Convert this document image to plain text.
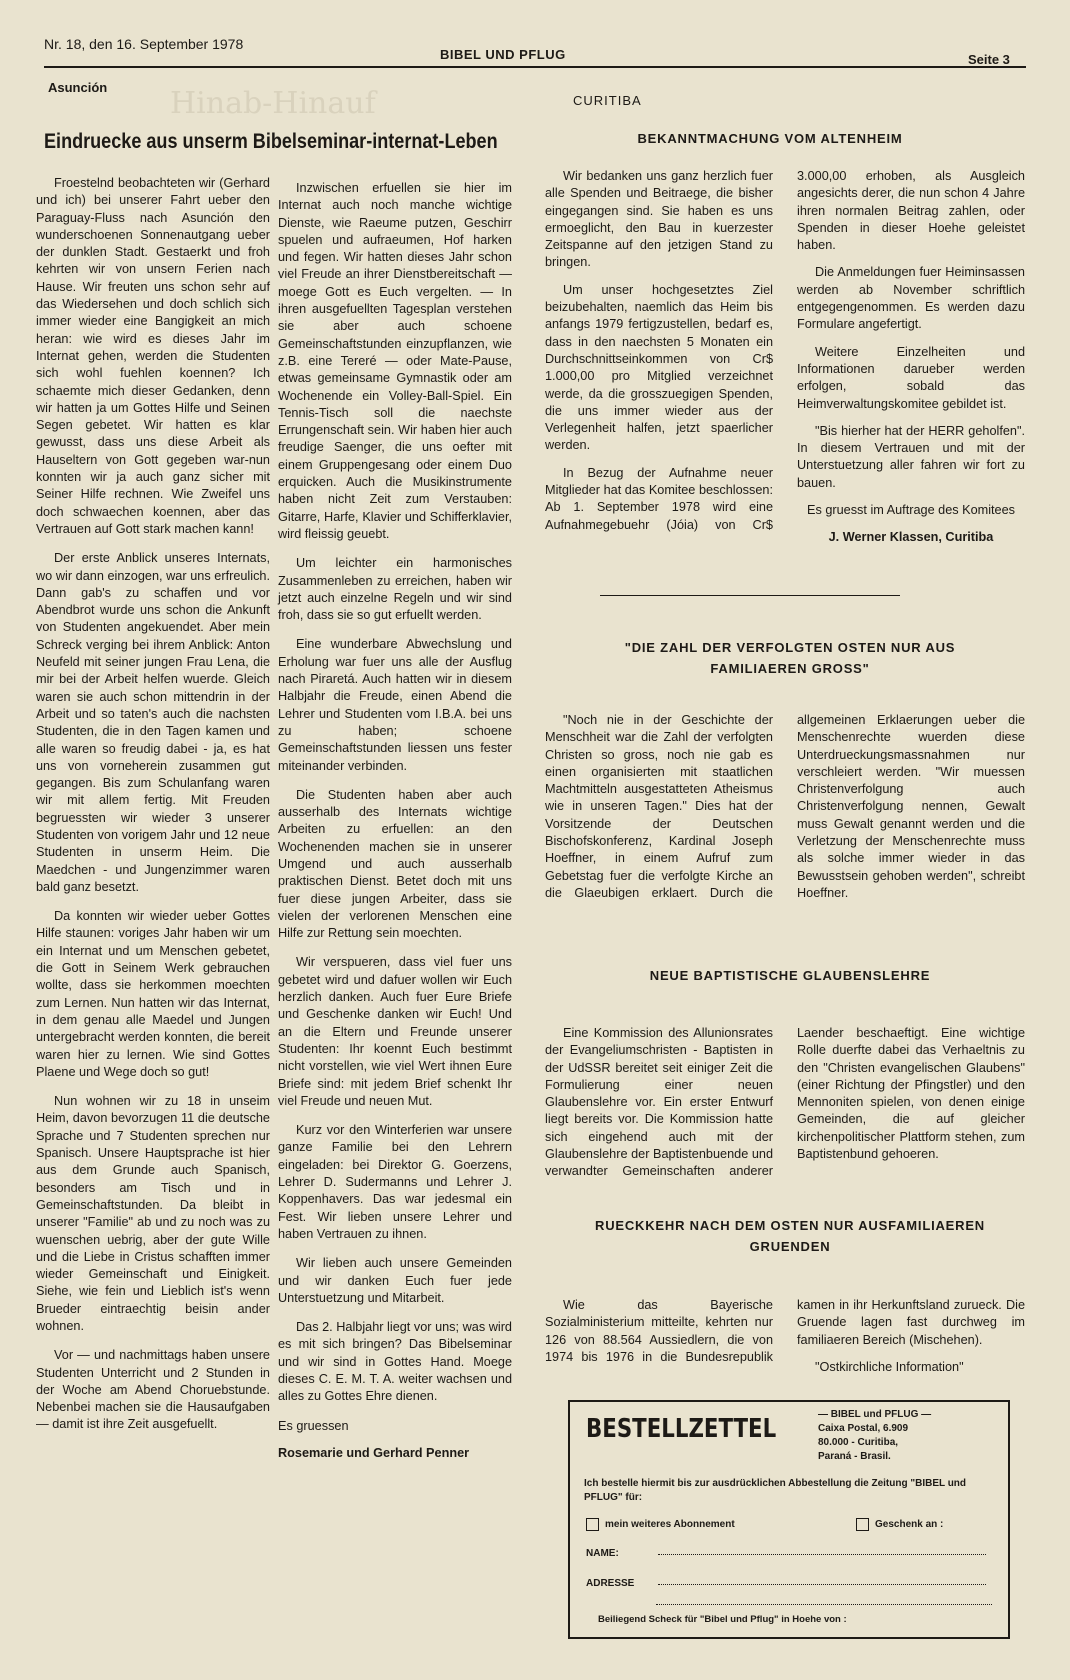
Nr. 18, den 16. September 1978
BIBEL UND PFLUG	Seite 3
Hinab-Hinauf
Asunción
Eindruecke aus unserm Bibelseminar-internat-Leben

Froestelnd beobachteten wir (Gerhard und ich) bei unserer Fahrt ueber den Paraguay-Fluss nach Asunción den wunderschoenen Sonnenautgang ueber der dunklen Stadt. Gestaerkt und froh kehrten wir von unsern Ferien nach Hause. Wir freuten uns schon sehr auf das Wiedersehen und doch schlich sich immer wieder eine Bangigkeit an mich heran: wie wird es dieses Jahr im Internat gehen, werden die Studenten sich wohl fuehlen koennen? Ich schaemte mich dieser Gedanken, denn wir hatten ja um Gottes Hilfe und Seinen Segen gebetet. Wir hatten es klar gewusst, dass uns diese Arbeit als Hauseltern von Gott gegeben war-nun konnten wir ja auch ganz sicher mit Seiner Hilfe rechnen. Wie Zweifel uns doch schwaechen koennen, aber das Vertrauen auf Gott stark machen kann!

Der erste Anblick unseres Internats, wo wir dann einzogen, war uns erfreulich. Dann gab's zu schaffen und vor Abendbrot wurde uns schon die Ankunft von Studenten angekuendet. Aber mein Schreck verging bei ihrem Anblick: Anton Neufeld mit seiner jungen Frau Lena, die mir bei der Arbeit helfen wuerde. Gleich waren sie auch schon mittendrin in der Arbeit und so taten's auch die nachsten Studenten, die in den Tagen kamen und alle waren so freudig dabei - ja, es hat uns von vorneherein zusammen gut gegangen. Bis zum Schulanfang waren wir mit allem fertig. Mit Freuden begruessten wir wieder 3 unserer Studenten von vorigem Jahr und 12 neue Studenten in unserm Heim. Die Maedchen - und Jungenzimmer waren bald ganz besetzt.

Da konnten wir wieder ueber Gottes Hilfe staunen: voriges Jahr haben wir um ein Internat und um Menschen gebetet, die Gott in Seinem Werk gebrauchen wollte, dass sie herkommen moechten zum Lernen. Nun hatten wir das Internat, in dem genau alle Maedel und Jungen untergebracht werden konnten, die bereit waren hier zu lernen. Wie sind Gottes Plaene und Wege doch so gut!

Nun wohnen wir zu 18 in unseim Heim, davon bevorzugen 11 die deutsche Sprache und 7 Studenten sprechen nur Spanisch. Unsere Hauptsprache ist hier aus dem Grunde auch Spanisch, besonders am Tisch und in Gemeinschaftstunden. Da bleibt in unserer "Familie" ab und zu noch was zu wuenschen uebrig, aber der gute Wille und die Liebe in Cristus schafften immer wieder Gemeinschaft und Einigkeit. Siehe, wie fein und Lieblich ist's wenn Brueder eintraechtig beisin ander wohnen.

Vor — und nachmittags haben unsere Studenten Unterricht und 2 Stunden in der Woche am Abend Choruebstunde. Nebenbei machen sie die Hausaufgaben — damit ist ihre Zeit ausgefuellt.

Inzwischen erfuellen sie hier im Internat auch noch manche wichtige Dienste, wie Raeume putzen, Geschirr spuelen und aufraeumen, Hof harken und fegen. Wir hatten dieses Jahr schon viel Freude an ihrer Dienstbereitschaft — moege Gott es Euch vergelten. — In ihren ausgefuellten Tagesplan verstehen sie aber auch schoene Gemeinschaftstunden einzupflanzen, wie z.B. eine Tereré — oder Mate-Pause, etwas gemeinsame Gymnastik oder am Wochenende ein Volley-Ball-Spiel. Ein Tennis-Tisch soll die naechste Errungenschaft sein. Wir haben hier auch freudige Saenger, die uns oefter mit einem Gruppengesang oder einem Duo erquicken. Auch die Musikinstrumente haben nicht Zeit zum Verstauben: Gitarre, Harfe, Klavier und Schifferklavier, wird fleissig geuebt.

Um leichter ein harmonisches Zusammenleben zu erreichen, haben wir jetzt auch einzelne Regeln und wir sind froh, dass sie so gut erfuellt werden.

Eine wunderbare Abwechslung und Erholung war fuer uns alle der Ausflug nach Piraretá. Auch hatten wir in diesem Halbjahr die Freude, einen Abend die Lehrer und Studenten vom I.B.A. bei uns zu haben; schoene Gemeinschaftstunden liessen uns fester miteinander verbinden.

Die Studenten haben aber auch ausserhalb des Internats wichtige Arbeiten zu erfuellen: an den Wochenenden machen sie in unserer Umgend und auch ausserhalb praktischen Dienst. Betet doch mit uns fuer diese jungen Arbeiter, dass sie vielen der verlorenen Menschen eine Hilfe zur Rettung sein moechten.

Wir verspueren, dass viel fuer uns gebetet wird und dafuer wollen wir Euch herzlich danken. Auch fuer Eure Briefe und Geschenke danken wir Euch! Und an die Eltern und Freunde unserer Studenten: Ihr koennt Euch bestimmt nicht vorstellen, wie viel Wert ihnen Eure Briefe sind: mit jedem Brief schenkt Ihr viel Freude und neuen Mut.

Kurz vor den Winterferien war unsere ganze Familie bei den Lehrern eingeladen: bei Direktor G. Goerzens, Lehrer D. Sudermanns und Lehrer J. Koppenhavers. Das war jedesmal ein Fest. Wir lieben unsere Lehrer und haben Vertrauen zu ihnen.

Wir lieben auch unsere Gemeinden und wir danken Euch fuer jede Unterstuetzung und Mitarbeit.

Das 2. Halbjahr liegt vor uns; was wird es mit sich bringen? Das Bibelseminar und wir sind in Gottes Hand. Moege dieses C. E. M. T. A. weiter wachsen und alles zu Gottes Ehre dienen.

Es gruessen
Rosemarie und Gerhard Penner

CURITIBA
BEKANNTMACHUNG VOM ALTENHEIM

Wir bedanken uns ganz herzlich fuer alle Spenden und Beitraege, die bisher eingegangen sind. Sie haben es uns ermoeglicht, den Bau in kuerzester Zeitspanne auf den jetzigen Stand zu bringen.

Um unser hochgesetztes Ziel beizubehalten, naemlich das Heim bis anfangs 1979 fertigzustellen, bedarf es, dass in den naechsten 5 Monaten ein Durchschnittseinkommen von Cr$ 1.000,00 pro Mitglied verzeichnet werde, da die grosszuegigen Spenden, die uns immer wieder aus der Verlegenheit halfen, jetzt spaerlicher werden.

In Bezug der Aufnahme neuer Mitglieder hat das Komitee beschlossen: Ab 1. September 1978 wird eine Aufnahmegebuehr (Jóia) von Cr$ 3.000,00 erhoben, als Ausgleich angesichts derer, die nun schon 4 Jahre ihren normalen Beitrag zahlen, oder Spenden in dieser Hoehe geleistet haben.

Die Anmeldungen fuer Heiminsassen werden ab November schriftlich entgegengenommen. Es werden dazu Formulare angefertigt.

Weitere Einzelheiten und Informationen darueber werden erfolgen, sobald das Heimverwaltungskomitee gebildet ist.

"Bis hierher hat der HERR geholfen". In diesem Vertrauen und mit der Unterstuetzung aller fahren wir fort zu bauen.

Es gruesst im Auftrage des Komitees

J. Werner Klassen, Curitiba

"DIE ZAHL DER VERFOLGTEN OSTEN NUR AUS FAMILIAEREN GROSS"

"Noch nie in der Geschichte der Menschheit war die Zahl der verfolgten Christen so gross, noch nie gab es einen organisierten mit staatlichen Machtmitteln ausgestatteten Atheismus wie in unseren Tagen." Dies hat der Vorsitzende der Deutschen Bischofskonferenz, Kardinal Joseph Hoeffner, in einem Aufruf zum Gebetstag fuer die verfolgte Kirche an die Glaeubigen erklaert. Durch die allgemeinen Erklaerungen ueber die Menschenrechte wuerden diese Unterdrueckungsmassnahmen nur verschleiert werden. "Wir muessen Christenverfolgung auch Christenverfolgung nennen, Gewalt muss Gewalt genannt werden und die Verletzung der Menschenrechte muss als solche immer wieder in das Bewusstsein gehoben werden", schreibt Hoeffner.

NEUE BAPTISTISCHE GLAUBENSLEHRE

Eine Kommission des Allunionsrates der Evangeliumschristen - Baptisten in der UdSSR bereitet seit einiger Zeit die Formulierung einer neuen Glaubenslehre vor. Ein erster Entwurf liegt bereits vor. Die Kommission hatte sich eingehend auch mit der Glaubenslehre der Baptistenbuende und verwandter Gemeinschaften anderer Laender beschaeftigt. Eine wichtige Rolle duerfte dabei das Verhaeltnis zu den "Christen evangelischen Glaubens" (einer Richtung der Pfingstler) und den Mennoniten spielen, von denen einige Gemeinden, die auf gleicher kirchenpolitischer Plattform stehen, zum Baptistenbund gehoeren.

RUECKKEHR NACH DEM OSTEN NUR AUSFAMILIAEREN GRUENDEN

Wie das Bayerische Sozialministerium mitteilte, kehrten nur 126 von 88.564 Aussiedlern, die von 1974 bis 1976 in die Bundesrepublik kamen in ihr Herkunftsland zurueck. Die Gruende lagen fast durchweg im familiaeren Bereich (Mischehen).

"Ostkirchliche Information"

BESTELLZETTEL	— BIBEL und PFLUG —
Caixa Postal, 6.909
80.000 - Curitiba,
Paraná - Brasil.
Ich bestelle hiermit bis zur ausdrücklichen Abbestellung die Zeitung "BIBEL und PFLUG" für:
mein weiteres Abonnement	Geschenk an :
NAME:
ADRESSE
Beiliegend Scheck für "Bibel und Pflug" in Hoehe von :
